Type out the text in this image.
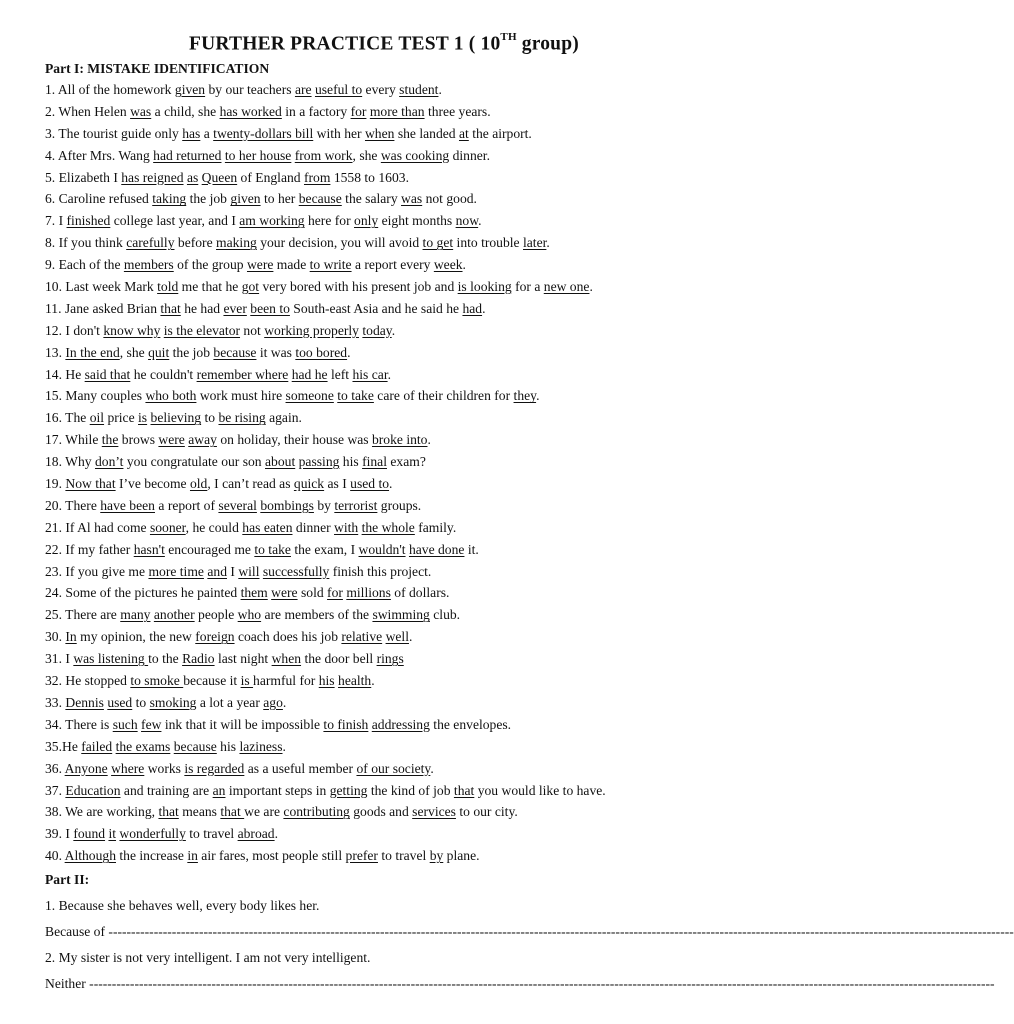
FURTHER PRACTICE TEST 1 ( 10TH group)

Part I: MISTAKE IDENTIFICATION

1. All of the homework given by our teachers are useful to every student.
2. When Helen was a child, she has worked in a factory for more than three years.
3. The tourist guide only has a twenty-dollars bill with her when she landed at the airport.
4. After Mrs. Wang had returned to her house from work, she was cooking dinner.
5. Elizabeth I has reigned as Queen of England from 1558 to 1603.
6. Caroline refused taking the job given to her because the salary was not good.
7. I finished college last year, and I am working here for only eight months now.
8. If you think carefully before making your decision, you will avoid to get into trouble later.
9. Each of the members of the group were made to write a report every week.
10. Last week Mark told me that he got very bored with his present job and is looking for a new one.
11. Jane asked Brian that he had ever been to South-east Asia and he said he had.
12. I don't know why is the elevator not working properly today.
13. In the end, she quit the job because it was too bored.
14. He said that he couldn't remember where had he left his car.
15. Many couples who both work must hire someone to take care of their children for they.
16. The oil price is believing to be rising again.
17. While the brows were away on holiday, their house was broke into.
18. Why don’t you congratulate our son about passing his final exam?
19. Now that I’ve become old, I can’t read as quick as I used to.
20. There have been a report of several bombings by terrorist groups.
21. If Al had come sooner, he could has eaten dinner with the whole family.
22. If my father hasn't encouraged me to take the exam, I wouldn't have done it.
23. If you give me more time and I will successfully finish this project.
24. Some of the pictures he painted them were sold for millions of dollars.
25. There are many another people who are members of the swimming club.
30. In my opinion, the new foreign coach does his job relative well.
31. I was listening to the Radio last night when the door bell rings
32. He stopped to smoke because it is harmful for his health.
33. Dennis used to smoking a lot a year ago.
34. There is such few ink that it will be impossible to finish addressing the envelopes.
35.He failed the exams because his laziness.
36. Anyone where works is regarded as a useful member of our society.
37. Education and training are an important steps in getting the kind of job that you would like to have.
38. We are working, that means that we are contributing goods and services to our city.
39. I found it wonderfully to travel abroad.
40. Although the increase in air fares, most people still prefer to travel by plane.

Part II:

1. Because she behaves well, every body likes her.
Because of --------------------------------------------------------------------------------------------------------------------------------------------------------------------------------------------------------
2. My sister is not very intelligent. I am not very intelligent.
Neither --------------------------------------------------------------------------------------------------------------------------------------------------------------------------------------------------------
